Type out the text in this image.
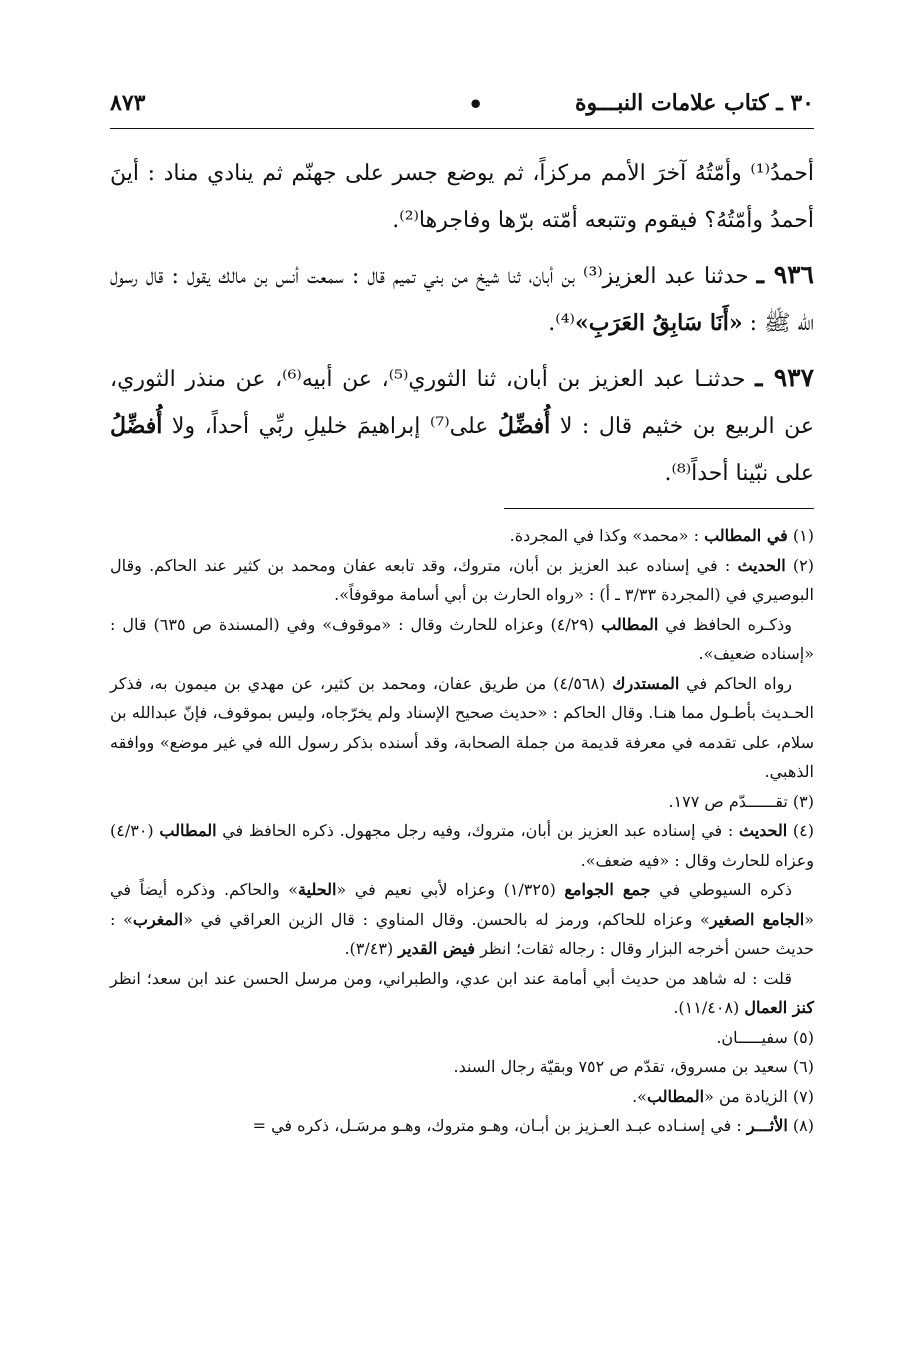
٣٠ ـ كتاب علامات النبـــوة
•
٨٧٣

أحمدُ⁽¹⁾ وأمّتُهُ آخرَ الأمم مركزاً، ثم يوضع جسر على جهنّم ثم ينادي مناد : أينَ أحمدُ وأمّتُهُ؟ فيقوم وتتبعه أمّته برّها وفاجرها⁽²⁾.

٩٣٦ ـ حدثنا عبد العزيز⁽³⁾ بن أبان، ثنا شيخ من بني تميم قال : سمعت أنس بن مالك يقول : قال رسول الله ﷺ : «أَنَا سَابِقُ العَرَبِ»⁽⁴⁾.

٩٣٧ ـ حدثنـا عبد العزيز بن أبان، ثنا الثوري⁽⁵⁾، عن أبيه⁽⁶⁾، عن منذر الثوري، عن الربيع بن خثيم قال : لا أُفضِّلُ على⁽⁷⁾ إبراهيمَ خليلِ ربِّي أحداً، ولا أُفضِّلُ على نبّينا أحداً⁽⁸⁾.

(١) في المطالب : «محمد» وكذا في المجردة.

(٢) الحديث : في إسناده عبد العزيز بن أبان، متروك، وقد تابعه عفان ومحمد بن كثير عند الحاكم. وقال البوصيري في (المجردة ٣/٣٣ ـ أ) : «رواه الحارث بن أبي أسامة موقوفاً».

وذكـره الحافظ في المطالب (٤/٢٩) وعزاه للحارث وقال : «موقوف» وفي (المسندة ص ٦٣٥) قال : «إسناده ضعيف».

رواه الحاكم في المستدرك (٤/٥٦٨) من طريق عفان، ومحمد بن كثير، عن مهدي بن ميمون به، فذكر الحـديث بأطـول مما هنـا. وقال الحاكم : «حديث صحيح الإسناد ولم يخرّجاه، وليس بموقوف، فإنّ عبدالله بن سلام، على تقدمه في معرفة قديمة من جملة الصحابة، وقد أسنده بذكر رسول الله في غير موضع» ووافقه الذهبي.

(٣) تقــــــدّم ص ١٧٧.

(٤) الحديث : في إسناده عبد العزيز بن أبان، متروك، وفيه رجل مجهول. ذكره الحافظ في المطالب (٤/٣٠) وعزاه للحارث وقال : «فيه ضعف».

ذكره السيوطي في جمع الجوامع (١/٣٢٥) وعزاه لأبي نعيم في «الحلية» والحاكم. وذكره أيضاً في «الجامع الصغير» وعزاه للحاكم، ورمز له بالحسن. وقال المناوي : قال الزين العراقي في «المغرب» : حديث حسن أخرجه البزار وقال : رجاله ثقات؛ انظر فيض القدير (٣/٤٣).

قلت : له شاهد من حديث أبي أمامة عند ابن عدي، والطبراني، ومن مرسل الحسن عند ابن سعد؛ انظر كنز العمال (١١/٤٠٨).

(٥) سفيـــــان.

(٦) سعيد بن مسروق، تقدّم ص ٧٥٢ وبقيّة رجال السند.

(٧) الزيادة من «المطالب».

(٨) الأثـــر : في إسنـاده عبـد العـزيز بن أبـان، وهـو متروك، وهـو مرسَـل، ذكره في =
